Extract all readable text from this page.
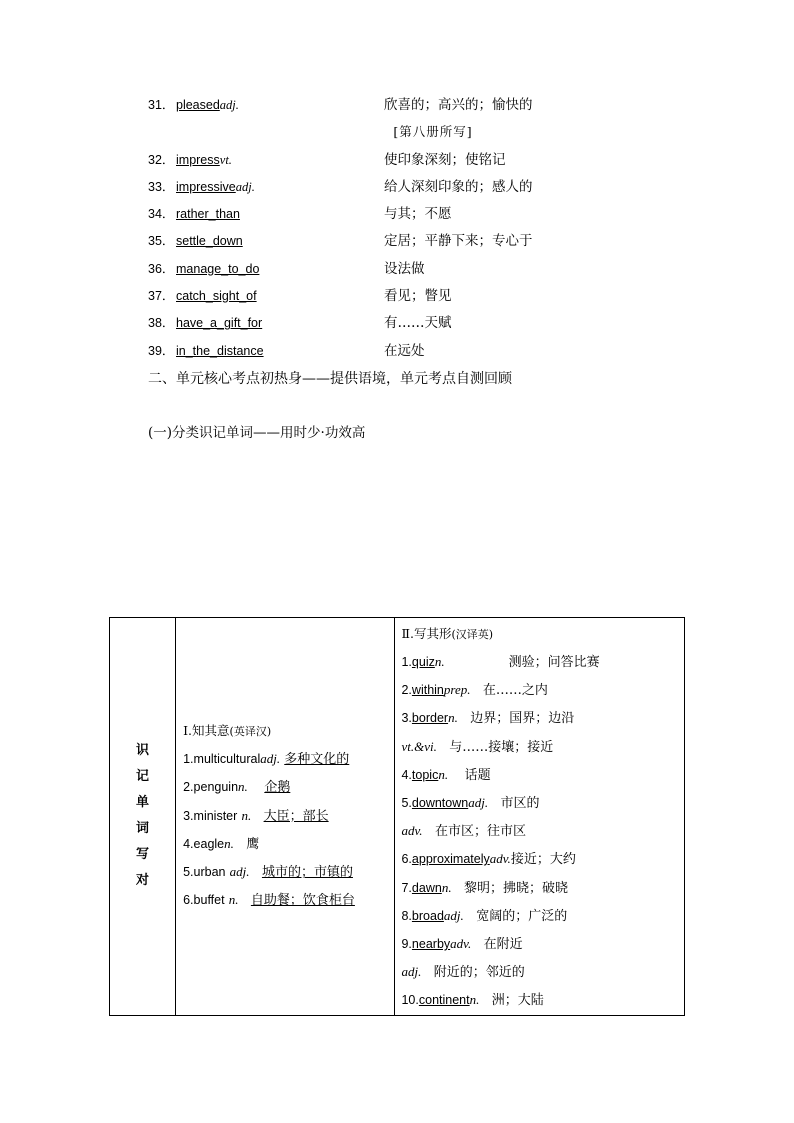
31． pleasedadj.	欣喜的；高兴的；愉快的
[第八册所写]
32． impressvt.	使印象深刻；使铭记
33． impressiveadj.	给人深刻印象的；感人的
34． rather_than	与其；不愿
35． settle_down	定居；平静下来；专心于
36． manage_to_do	设法做
37． catch_sight_of	看见；瞥见
38． have_a_gift_for	有……天赋
39． in_the_distance	在远处
二、单元核心考点初热身——提供语境，单元考点自测回顾
(一)分类识记单词——用时少·功效高
识
记
单
词
写
对

Ⅰ.知其意(英译汉)
1.multiculturaladj. 多种文化的
2.penguinn. 企鹅
3.minister n. 大臣；部长
4.eaglen. 鹰
5.urban adj. 城市的；市镇的
6.buffet n. 自助餐；饮食柜台

Ⅱ.写其形(汉译英)
1.quizn.	测验；问答比赛
2.withinprep. 在……之内
3.bordern. 边界；国界；边沿
vt.&vi. 与……接壤；接近
4.topicn. 话题
5.downtownadj. 市区的
adv. 在市区；往市区
6.approximatelyadv.接近；大约
7.dawnn. 黎明；拂晓；破晓
8.broadadj. 宽阔的；广泛的
9.nearbyadv. 在附近
adj. 附近的；邻近的
10.continentn. 洲；大陆
